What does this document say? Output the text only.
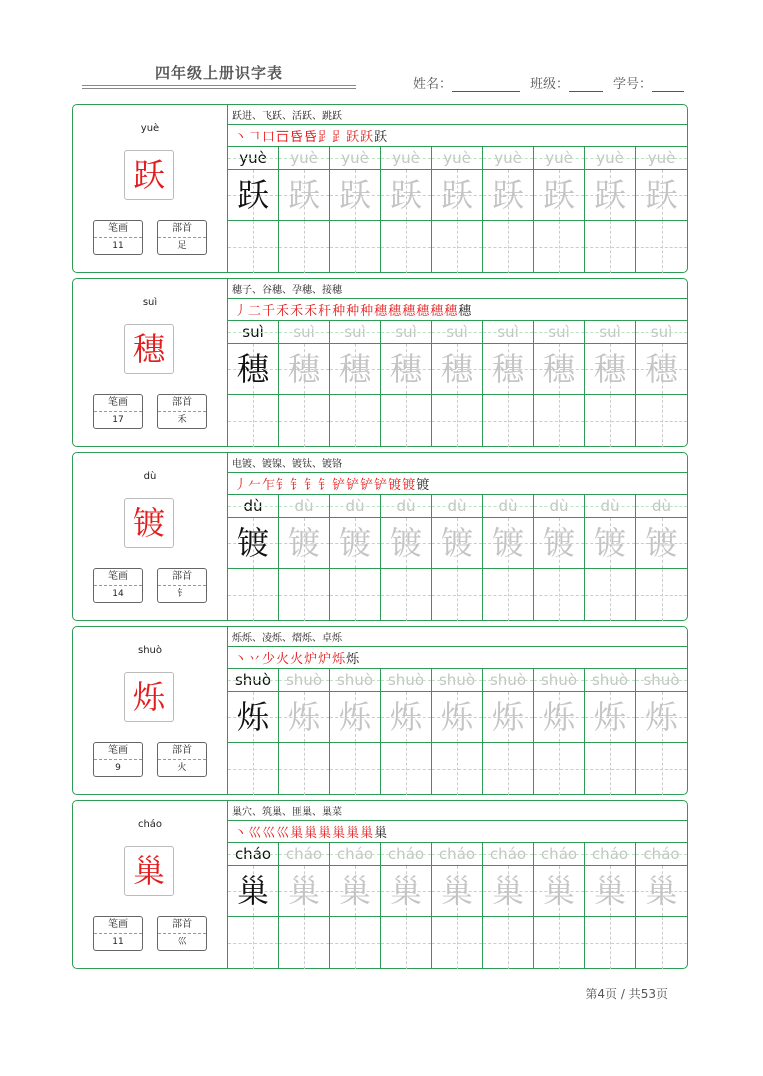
四年级上册识字表
姓名：	班级：	学号：
yuè
跃
笔画
11
部首
足
跃进、飞跃、活跃、跳跃
丶𠃍口𠮛𠯑𠯑𧾷𧾷跃跃跃
yuè
跃
yuè
跃
yuè
跃
yuè
跃
yuè
跃
yuè
跃
yuè
跃
yuè
跃
yuè
跃
suì
穗
笔画
17
部首
禾
穗子、谷穗、孕穗、接穗
丿二千禾禾禾秆种种种穗穗穗穗穗穗穗
suì
穗
suì
穗
suì
穗
suì
穗
suì
穗
suì
穗
suì
穗
suì
穗
suì
穗
dù
镀
笔画
14
部首
钅
电镀、镀镍、镀钛、镀铬
丿𠂉乍钅钅钅钅铲铲铲铲镀镀镀
dù
镀
dù
镀
dù
镀
dù
镀
dù
镀
dù
镀
dù
镀
dù
镀
dù
镀
shuò
烁
笔画
9
部首
火
烁烁、凌烁、熠烁、卓烁
丶丷少火火炉炉烁烁
shuò
烁
shuò
烁
shuò
烁
shuò
烁
shuò
烁
shuò
烁
shuò
烁
shuò
烁
shuò
烁
cháo
巢
笔画
11
部首
巛
巢穴、筑巢、匪巢、巢菜
丶巛巛巛巢巢巢巢巢巢巢
cháo
巢
cháo
巢
cháo
巢
cháo
巢
cháo
巢
cháo
巢
cháo
巢
cháo
巢
cháo
巢
第4页 / 共53页
